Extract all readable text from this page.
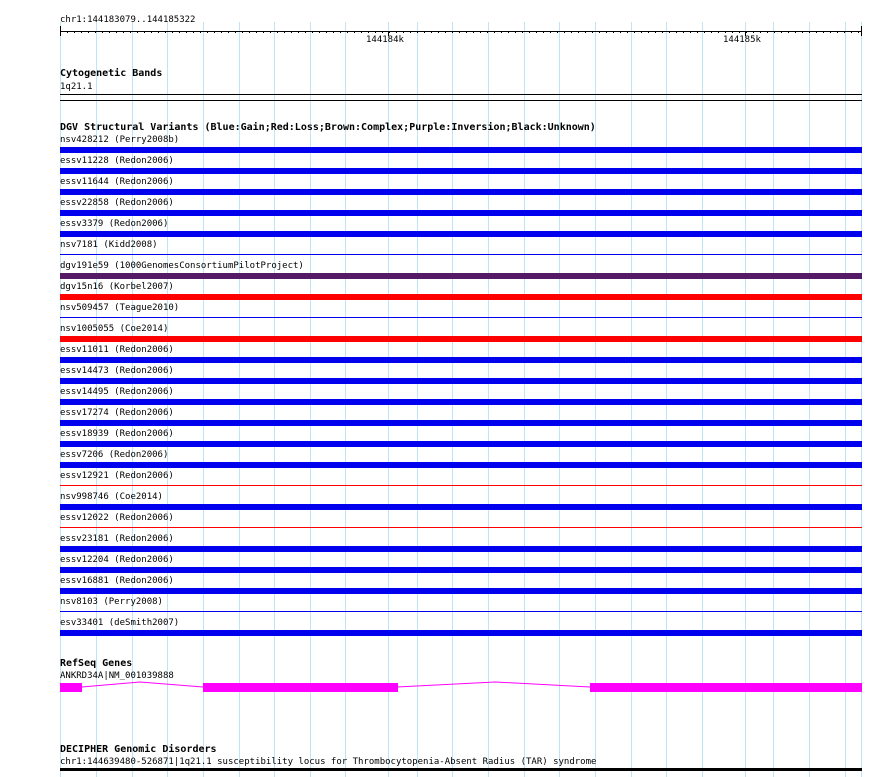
chr1:144183079..144185322
144184k	144185k
Cytogenetic Bands
1q21.1
DGV Structural Variants (Blue:Gain;Red:Loss;Brown:Complex;Purple:Inversion;Black:Unknown)
nsv428212 (Perry2008b)
essv11228 (Redon2006)
essv11644 (Redon2006)
essv22858 (Redon2006)
essv3379 (Redon2006)
nsv7181 (Kidd2008)
dgv191e59 (1000GenomesConsortiumPilotProject)
dgv15n16 (Korbel2007)
nsv509457 (Teague2010)
nsv1005055 (Coe2014)
essv11011 (Redon2006)
essv14473 (Redon2006)
essv14495 (Redon2006)
essv17274 (Redon2006)
essv18939 (Redon2006)
essv7206 (Redon2006)
essv12921 (Redon2006)
nsv998746 (Coe2014)
essv12022 (Redon2006)
essv23181 (Redon2006)
essv12204 (Redon2006)
essv16881 (Redon2006)
nsv8103 (Perry2008)
esv33401 (deSmith2007)
RefSeq Genes
ANKRD34A|NM_001039888
DECIPHER Genomic Disorders
chr1:144639480-526871|1q21.1 susceptibility locus for Thrombocytopenia-Absent Radius (TAR) syndrome
